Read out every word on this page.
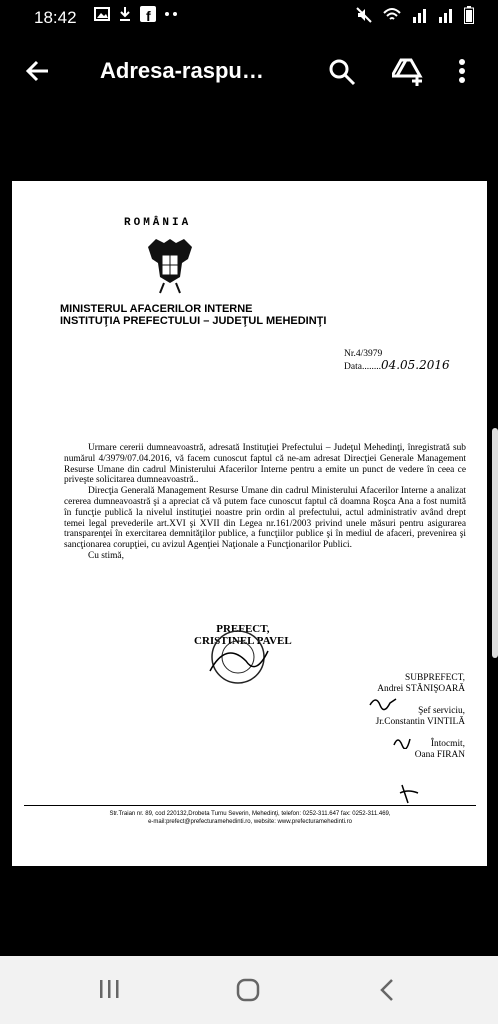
18:42	f
Adresa-raspu…
ROMÂNIA
MINISTERUL AFACERILOR INTERNE
INSTITUŢIA PREFECTULUI – JUDEŢUL MEHEDINŢI
Nr.4/3979
Data........04.05.2016

Urmare cererii dumneavoastră, adresată Instituţiei Prefectului – Judeţul Mehedinţi, înregistrată sub numărul 4/3979/07.04.2016, vă facem cunoscut faptul că ne-am adresat Direcţiei Generale Management Resurse Umane din cadrul Ministerului Afacerilor Interne pentru a emite un punct de vedere în ceea ce priveşte solicitarea dumneavoastră..

Direcţia Generală Management Resurse Umane din cadrul Ministerului Afacerilor Interne a analizat cererea dumneavoastră şi a apreciat că vă putem face cunoscut faptul că doamna Roşca Ana a fost numită în funcţie publică la nivelul instituţiei noastre prin ordin al prefectului, actul administrativ având drept temei legal prevederile art.XVI şi XVII din Legea nr.161/2003 privind unele măsuri pentru asigurarea transparenţei în exercitarea demnităţilor publice, a funcţiilor publice şi în mediul de afaceri, prevenirea şi sancţionarea corupţiei, cu avizul Agenţiei Naţionale a Funcţionarilor Publici.

Cu stimă,

PREFECT,
CRISTINEL PAVEL
SUBPREFECT,
Andrei STĂNIŞOARĂ
Şef serviciu,
Jr.Constantin VINTILĂ
Întocmit,
Oana FIRAN
Str.Traian nr. 89, cod 220132,Drobeta Turnu Severin, Mehedinţi, telefon: 0252-311.647 fax: 0252-311.469,
e-mail:prefect@prefecturamehedinti.ro, website: www.prefecturamehedinti.ro
